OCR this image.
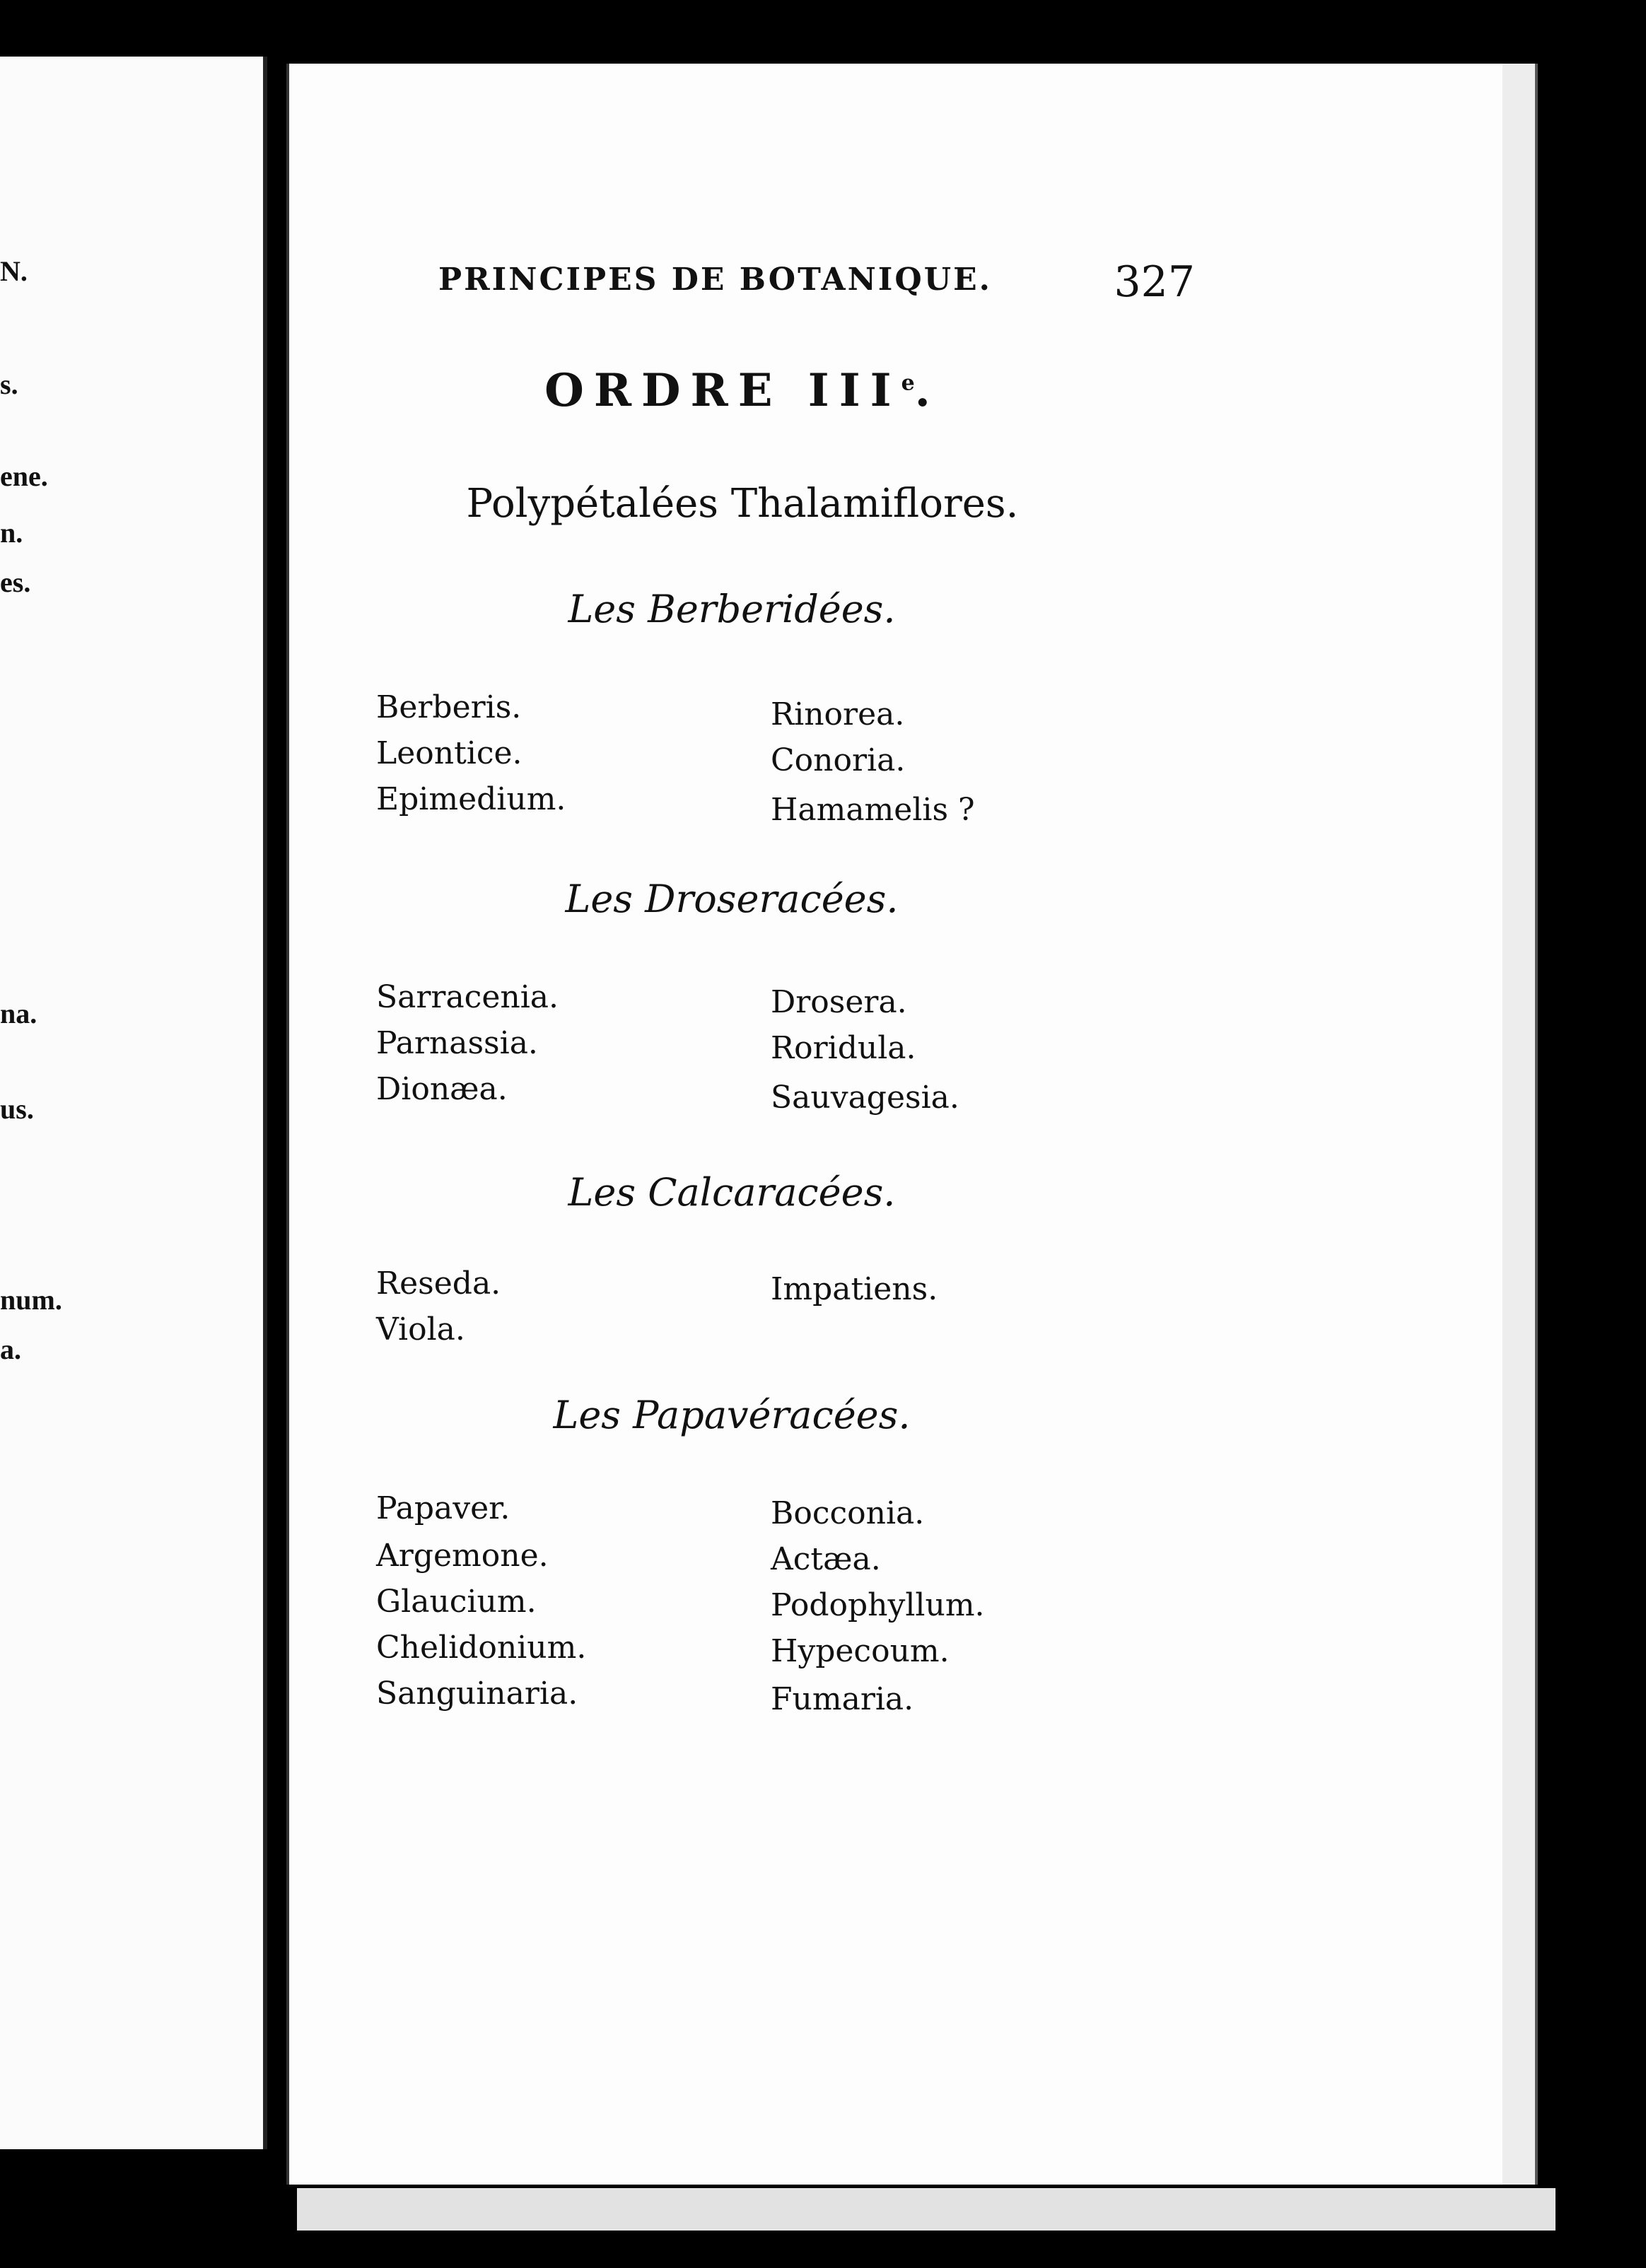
N.
s.
ene.
n.
es.
na.
us.
num.
a.
PRINCIPES DE BOTANIQUE.	327
ORDRE IIIe.
Polypétalées Thalamiflores.
Les Berberidées.
Berberis.
Leontice.
Epimedium.
Rinorea.
Conoria.
Hamamelis ?
Les Droseracées.
Sarracenia.
Parnassia.
Dionæa.
Drosera.
Roridula.
Sauvagesia.
Les Calcaracées.
Reseda.
Viola.
Impatiens.
Les Papavéracées.
Papaver.
Argemone.
Glaucium.
Chelidonium.
Sanguinaria.
Bocconia.
Actæa.
Podophyllum.
Hypecoum.
Fumaria.
